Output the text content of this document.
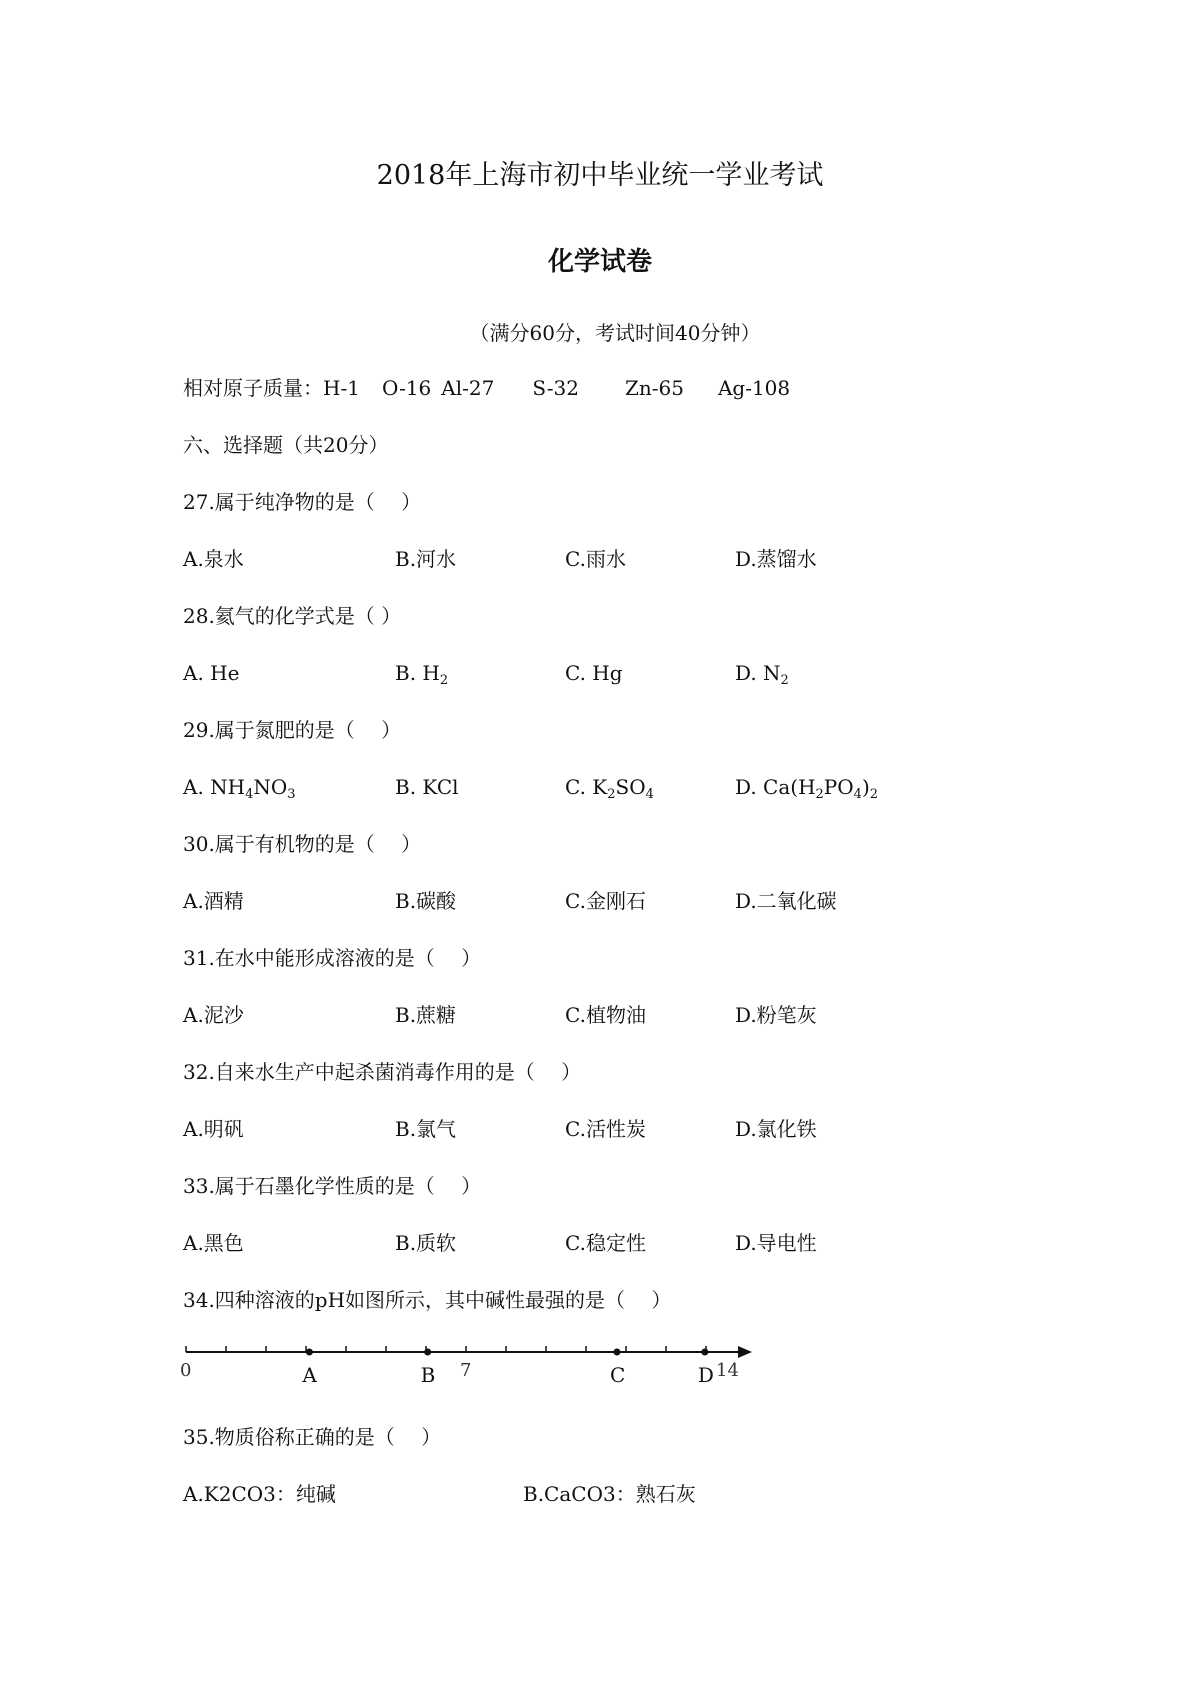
2018年上海市初中毕业统一学业考试
化学试卷
（满分60分，考试时间40分钟）
相对原子质量：H-1 O-16 Al-27 S-32 Zn-65 Ag-108
六、选择题（共20分）
27.属于纯净物的是（　 ）
A.泉水	B.河水	C.雨水	D.蒸馏水
28.氦气的化学式是（ ）
A. He	B. $H_2$	C. Hg	D. $N_2$
29.属于氮肥的是（　 ）
A. $NH_4NO_3$	B. KCl	C. $K_2SO_4$	D. $Ca(H_2PO_4)_2$
30.属于有机物的是（　 ）
A.酒精	B.碳酸	C.金刚石	D.二氧化碳
31.在水中能形成溶液的是（　 ）
A.泥沙	B.蔗糖	C.植物油	D.粉笔灰
32.自来水生产中起杀菌消毒作用的是（　 ）
A.明矾	B.氯气	C.活性炭	D.氯化铁
33.属于石墨化学性质的是（　 ）
A.黑色	B.质软	C.稳定性	D.导电性
34.四种溶液的pH如图所示，其中碱性最强的是（　 ）
A	B	C	D
0	7	14
35.物质俗称正确的是（　 ）
A.K2CO3：纯碱	B.CaCO3：熟石灰
